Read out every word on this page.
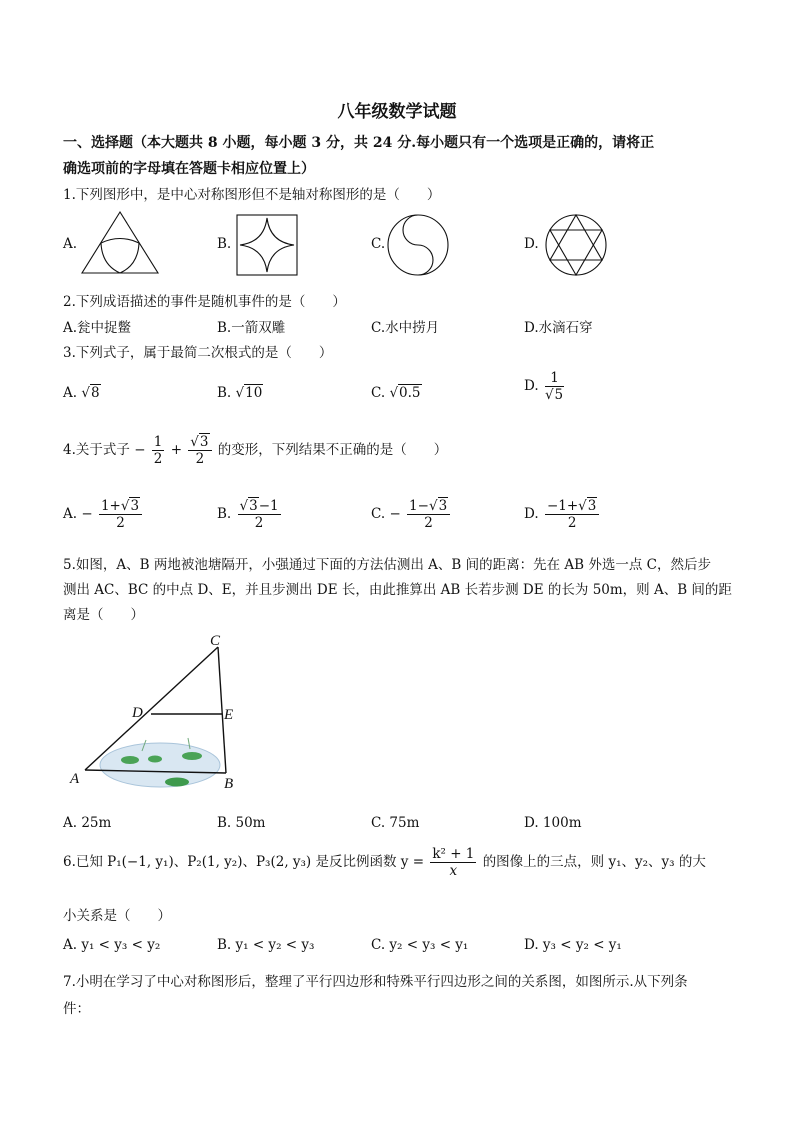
八年级数学试题
一、选择题（本大题共 8 小题，每小题 3 分，共 24 分.每小题只有一个选项是正确的，请将正
确选项前的字母填在答题卡相应位置上）
1.下列图形中，是中心对称图形但不是轴对称图形的是（　　）
A.	B.	C.	D.
2.下列成语描述的事件是随机事件的是（　　）
A.瓮中捉鳖	B.一箭双雕	C.水中捞月	D.水滴石穿
3.下列式子，属于最简二次根式的是（　　）
A. √8	B. √10	C. √0.5	D. $\frac{1}{√5}$
4.关于式子 − $\frac{1}{2} + \frac{√3}{2}$ 的变形，下列结果不正确的是（　　）
A. − $\frac{1+√3}{2}$	B. $\frac{√3-1}{2}$	C. − $\frac{1-√3}{2}$	D. $\frac{-1+√3}{2}$
5.如图，A、B 两地被池塘隔开，小强通过下面的方法估测出 A、B 间的距离：先在 AB 外选一点 C，然后步
测出 AC、BC 的中点 D、E，并且步测出 DE 长，由此推算出 AB 长若步测 DE 的长为 50m，则 A、B 间的距
离是（　　）
A	B
C
D	E
A. 25m	B. 50m	C. 75m	D. 100m
6.已知 P₁(−1, y₁)、P₂(1, y₂)、P₃(2, y₃) 是反比例函数 $y = \frac{\text{k² + 1}}{x}$ 的图像上的三点，则 y₁、y₂、y₃ 的大
小关系是（　　）
A. y₁ < y₃ < y₂	B. y₁ < y₂ < y₃	C. y₂ < y₃ < y₁	D. y₃ < y₂ < y₁
7.小明在学习了中心对称图形后，整理了平行四边形和特殊平行四边形之间的关系图，如图所示.从下列条
件：
